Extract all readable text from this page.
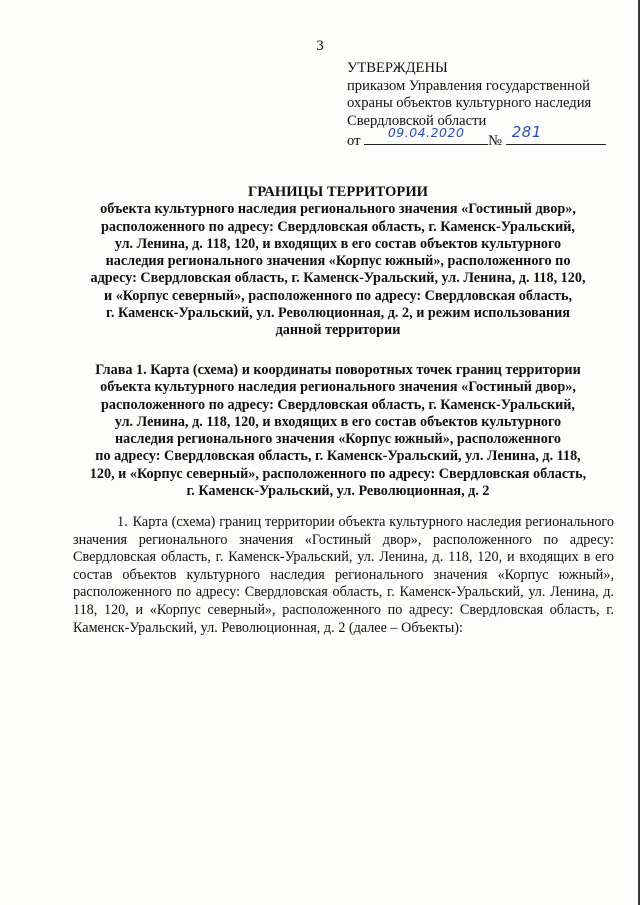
3
УТВЕРЖДЕНЫ
приказом Управления государственной
охраны объектов культурного наследия
Свердловской области
от
09.04.2020
№ 281
ГРАНИЦЫ ТЕРРИТОРИИ
объекта культурного наследия регионального значения «Гостиный двор»,
расположенного по адресу: Свердловская область, г. Каменск-Уральский,
ул. Ленина, д. 118, 120, и входящих в его состав объектов культурного
наследия регионального значения «Корпус южный», расположенного по
адресу: Свердловская область, г. Каменск-Уральский, ул. Ленина, д. 118, 120,
и «Корпус северный», расположенного по адресу: Свердловская область,
г. Каменск-Уральский, ул. Революционная, д. 2, и режим использования
данной территории
Глава 1. Карта (схема) и координаты поворотных точек границ территории
объекта культурного наследия регионального значения «Гостиный двор»,
расположенного по адресу: Свердловская область, г. Каменск-Уральский,
ул. Ленина, д. 118, 120, и входящих в его состав объектов культурного
наследия регионального значения «Корпус южный», расположенного
по адресу: Свердловская область, г. Каменск-Уральский, ул. Ленина, д. 118,
120, и «Корпус северный», расположенного по адресу: Свердловская область,
г. Каменск-Уральский, ул. Революционная, д. 2
1. Карта (схема) границ территории объекта культурного наследия регионального значения регионального значения «Гостиный двор», расположенного по адресу: Свердловская область, г. Каменск-Уральский, ул. Ленина, д. 118, 120, и входящих в его состав объектов культурного наследия регионального значения «Корпус южный», расположенного по адресу: Свердловская область, г. Каменск-Уральский, ул. Ленина, д. 118, 120, и «Корпус северный», расположенного по адресу: Свердловская область, г. Каменск-Уральский, ул. Революционная, д. 2 (далее – Объекты):
